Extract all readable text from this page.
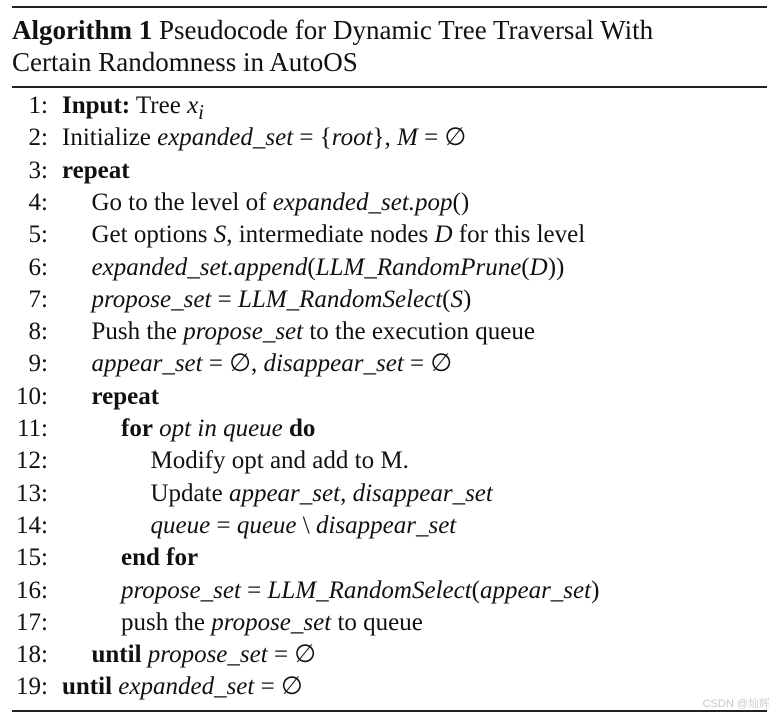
Algorithm 1 Pseudocode for Dynamic Tree Traversal With
Certain Randomness in AutoOS
1: Input: Tree $x_i$
2: Initialize expanded_set = {root}, M = ∅
3: repeat
4: Go to the level of expanded_set.pop()
5: Get options S, intermediate nodes D for this level
6: expanded_set.append(LLM_RandomPrune(D))
7: propose_set = LLM_RandomSelect(S)
8: Push the propose_set to the execution queue
9: appear_set = ∅, disappear_set = ∅
10: repeat
11:	for opt in queue do
12:	Modify opt and add to M.
13:	Update appear_set, disappear_set
14:	queue = queue \ disappear_set
15:	end for
16:	propose_set = LLM_RandomSelect(appear_set)
17:	push the propose_set to queue
18: until propose_set = ∅
19: until expanded_set = ∅
CSDN @灿辉
